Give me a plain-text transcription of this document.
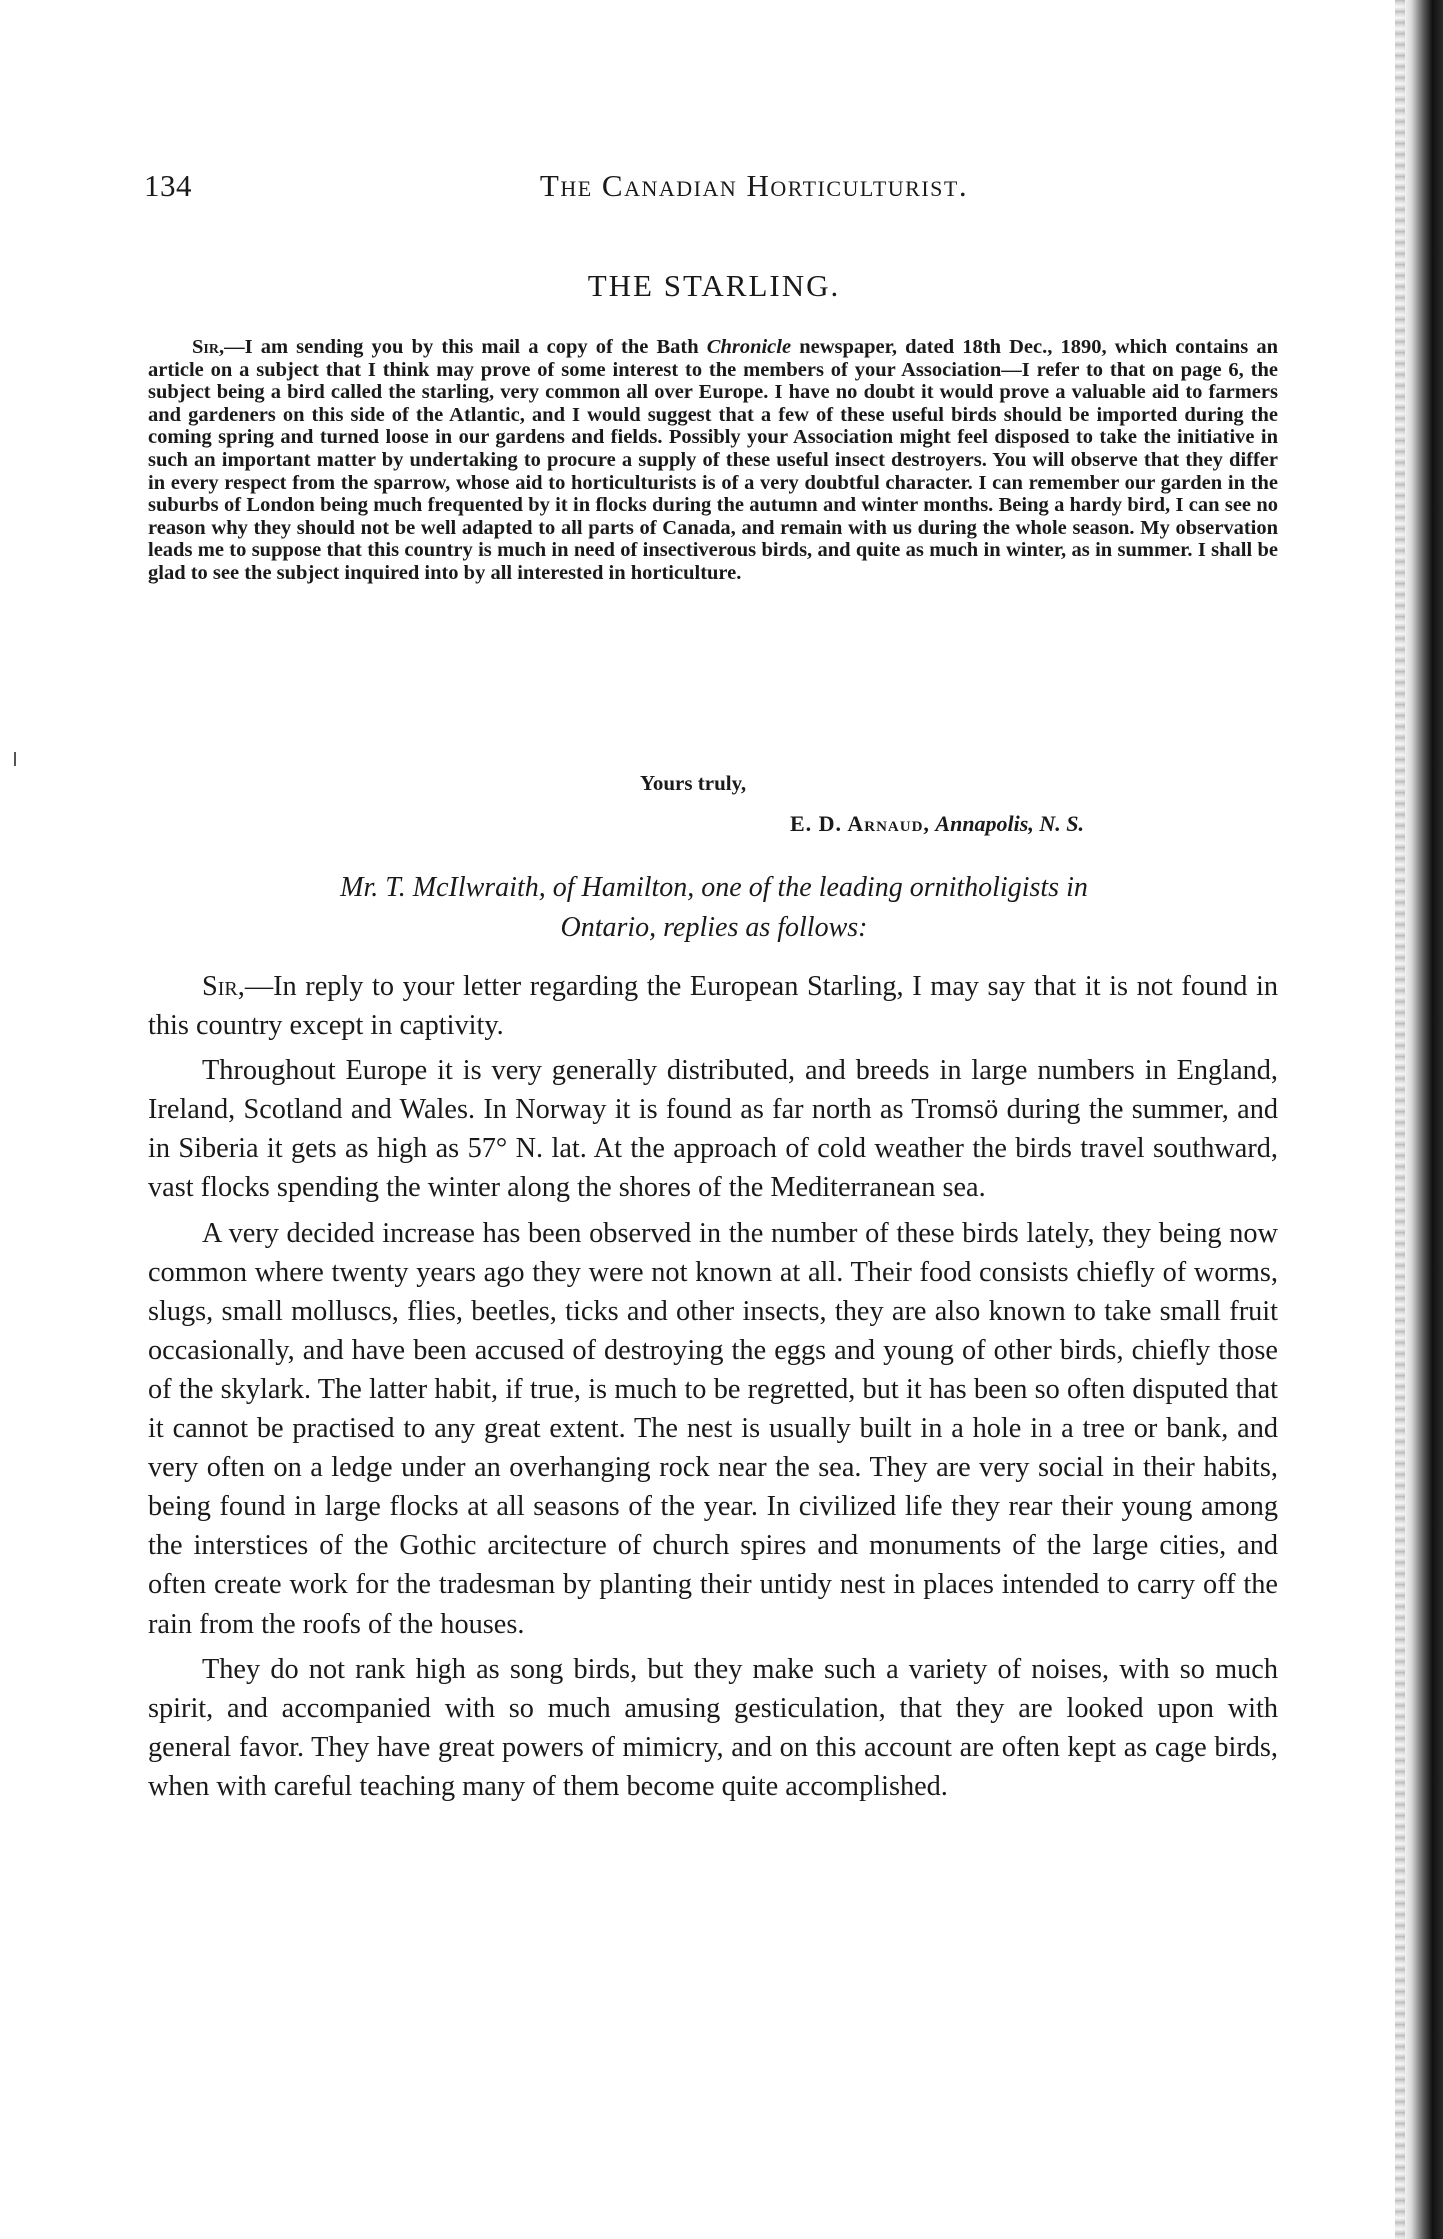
134	The Canadian Horticulturist.
THE STARLING.

Sir,—I am sending you by this mail a copy of the Bath Chronicle newspaper, dated 18th Dec., 1890, which contains an article on a subject that I think may prove of some interest to the members of your Association—I refer to that on page 6, the subject being a bird called the starling, very common all over Europe. I have no doubt it would prove a valuable aid to farmers and gardeners on this side of the Atlantic, and I would suggest that a few of these useful birds should be imported during the coming spring and turned loose in our gardens and fields. Possibly your Association might feel disposed to take the initiative in such an important matter by undertaking to procure a supply of these useful insect destroyers. You will observe that they differ in every respect from the sparrow, whose aid to horticulturists is of a very doubtful character. I can remember our garden in the suburbs of London being much frequented by it in flocks during the autumn and winter months. Being a hardy bird, I can see no reason why they should not be well adapted to all parts of Canada, and remain with us during the whole season. My observation leads me to suppose that this country is much in need of insectiverous birds, and quite as much in winter, as in summer. I shall be glad to see the subject inquired into by all interested in horticulture.

Yours truly,
E. D. Arnaud, Annapolis, N. S.
Mr. T. McIlwraith, of Hamilton, one of the leading ornitholigists in
Ontario, replies as follows:

Sir,—In reply to your letter regarding the European Starling, I may say that it is not found in this country except in captivity.

Throughout Europe it is very generally distributed, and breeds in large numbers in England, Ireland, Scotland and Wales. In Norway it is found as far north as Tromsö during the summer, and in Siberia it gets as high as 57° N. lat. At the approach of cold weather the birds travel southward, vast flocks spending the winter along the shores of the Mediterranean sea.

A very decided increase has been observed in the number of these birds lately, they being now common where twenty years ago they were not known at all. Their food consists chiefly of worms, slugs, small molluscs, flies, beetles, ticks and other insects, they are also known to take small fruit occasionally, and have been accused of destroying the eggs and young of other birds, chiefly those of the skylark. The latter habit, if true, is much to be regretted, but it has been so often disputed that it cannot be practised to any great extent. The nest is usually built in a hole in a tree or bank, and very often on a ledge under an overhanging rock near the sea. They are very social in their habits, being found in large flocks at all seasons of the year. In civilized life they rear their young among the interstices of the Gothic arcitecture of church spires and monuments of the large cities, and often create work for the tradesman by planting their untidy nest in places intended to carry off the rain from the roofs of the houses.

They do not rank high as song birds, but they make such a variety of noises, with so much spirit, and accompanied with so much amusing gesticulation, that they are looked upon with general favor. They have great powers of mimicry, and on this account are often kept as cage birds, when with careful teaching many of them become quite accomplished.
